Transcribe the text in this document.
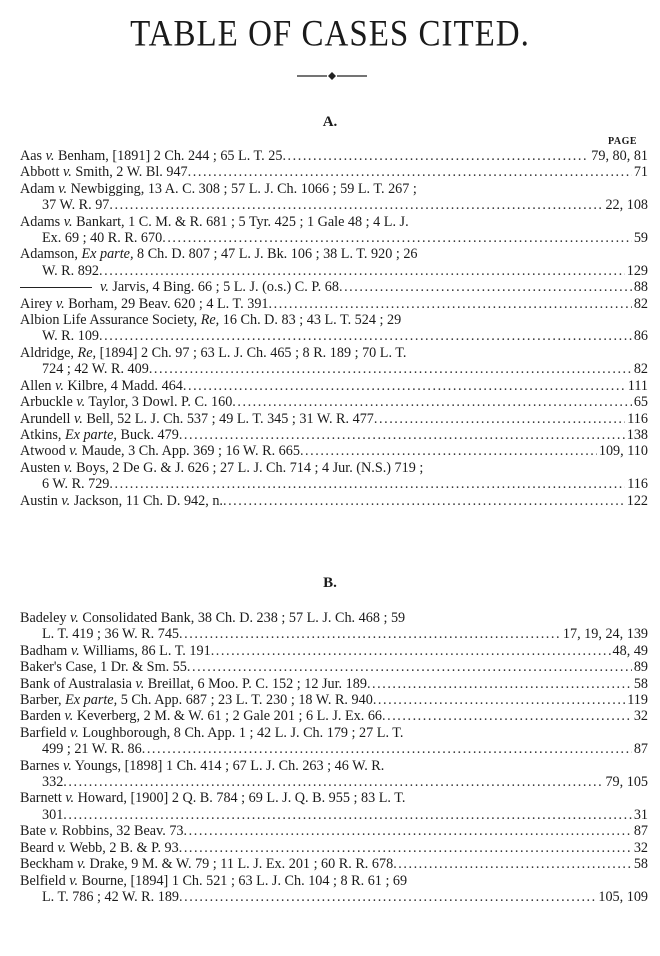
TABLE OF CASES CITED.
A.
PAGE
Aas v. Benham, [1891] 2 Ch. 244 ; 65 L. T. 25 . . .	79, 80, 81
Abbott v. Smith, 2 W. Bl. 947 . . .	71
Adam v. Newbigging, 13 A. C. 308 ; 57 L. J. Ch. 1066 ; 59 L. T. 267 ;
37 W. R. 97 . . .	22, 108
Adams v. Bankart, 1 C. M. & R. 681 ; 5 Tyr. 425 ; 1 Gale 48 ; 4 L. J.
Ex. 69 ; 40 R. R. 670 . . .	59
Adamson, Ex parte, 8 Ch. D. 807 ; 47 L. J. Bk. 106 ; 38 L. T. 920 ; 26
W. R. 892 . . .	129
v. Jarvis, 4 Bing. 66 ; 5 L. J. (o.s.) C. P. 68 . . .	88
Airey v. Borham, 29 Beav. 620 ; 4 L. T. 391 . . .	82
Albion Life Assurance Society, Re, 16 Ch. D. 83 ; 43 L. T. 524 ; 29
W. R. 109 . . .	86
Aldridge, Re, [1894] 2 Ch. 97 ; 63 L. J. Ch. 465 ; 8 R. 189 ; 70 L. T.
724 ; 42 W. R. 409 . . .	82
Allen v. Kilbre, 4 Madd. 464 . . .	111
Arbuckle v. Taylor, 3 Dowl. P. C. 160 . . .	65
Arundell v. Bell, 52 L. J. Ch. 537 ; 49 L. T. 345 ; 31 W. R. 477 . . .	116
Atkins, Ex parte, Buck. 479 . . .	138
Atwood v. Maude, 3 Ch. App. 369 ; 16 W. R. 665 . . .	109, 110
Austen v. Boys, 2 De G. & J. 626 ; 27 L. J. Ch. 714 ; 4 Jur. (N.S.) 719 ;
6 W. R. 729 . . .	116
Austin v. Jackson, 11 Ch. D. 942, n. . . .	122
B.
Badeley v. Consolidated Bank, 38 Ch. D. 238 ; 57 L. J. Ch. 468 ; 59
L. T. 419 ; 36 W. R. 745 . . .	17, 19, 24, 139
Badham v. Williams, 86 L. T. 191 . . .	48, 49
Baker's Case, 1 Dr. & Sm. 55 . . .	89
Bank of Australasia v. Breillat, 6 Moo. P. C. 152 ; 12 Jur. 189 . . .	58
Barber, Ex parte, 5 Ch. App. 687 ; 23 L. T. 230 ; 18 W. R. 940 . . .	119
Barden v. Keverberg, 2 M. & W. 61 ; 2 Gale 201 ; 6 L. J. Ex. 66 . . .	32
Barfield v. Loughborough, 8 Ch. App. 1 ; 42 L. J. Ch. 179 ; 27 L. T.
499 ; 21 W. R. 86 . . .	87
Barnes v. Youngs, [1898] 1 Ch. 414 ; 67 L. J. Ch. 263 ; 46 W. R.
332 . . .	79, 105
Barnett v. Howard, [1900] 2 Q. B. 784 ; 69 L. J. Q. B. 955 ; 83 L. T.
301 . . .	31
Bate v. Robbins, 32 Beav. 73 . . .	87
Beard v. Webb, 2 B. & P. 93 . . .	32
Beckham v. Drake, 9 M. & W. 79 ; 11 L. J. Ex. 201 ; 60 R. R. 678 . . .	58
Belfield v. Bourne, [1894] 1 Ch. 521 ; 63 L. J. Ch. 104 ; 8 R. 61 ; 69
L. T. 786 ; 42 W. R. 189 . . .	105, 109
